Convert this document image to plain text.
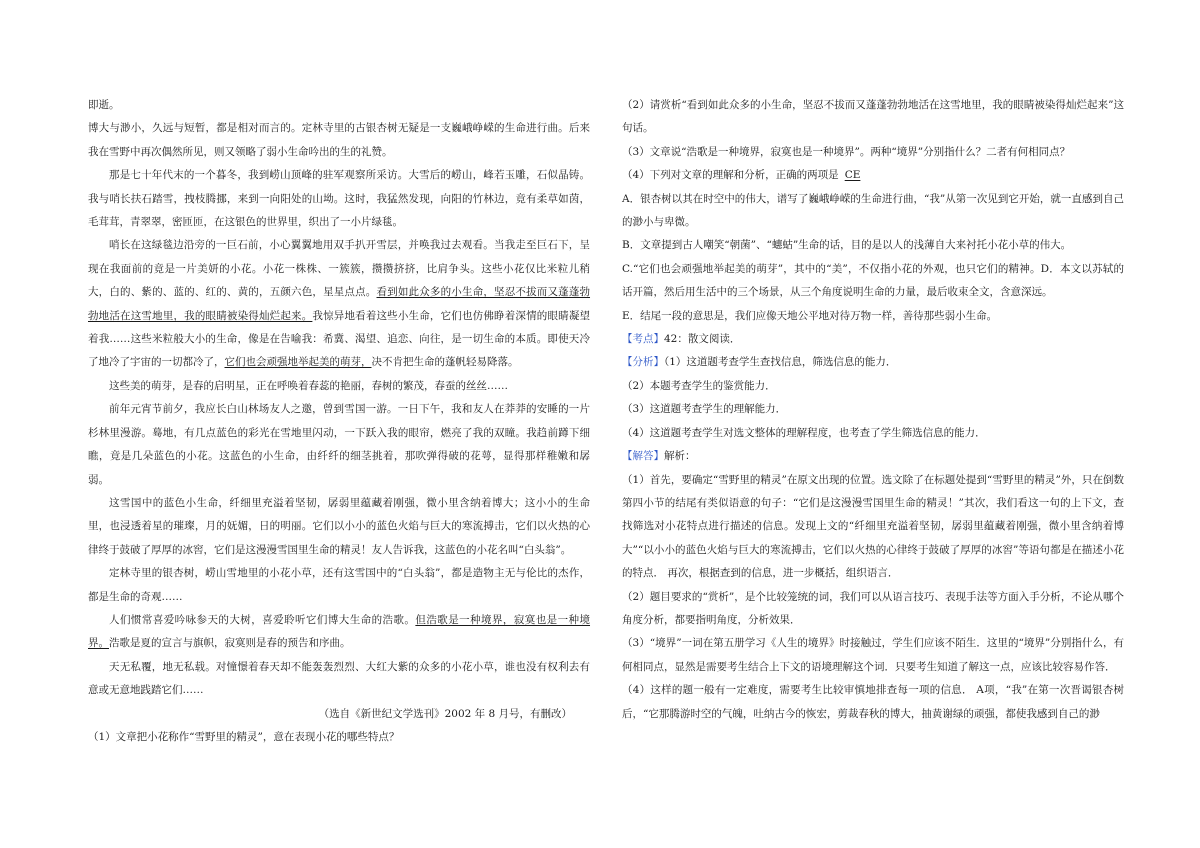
即逝。

博大与渺小，久远与短暂，都是相对而言的。定林寺里的古银杏树无疑是一支巍峨峥嵘的生命进行曲。后来我在雪野中再次偶然所见，则又领略了弱小生命吟出的生的礼赞。

那是七十年代末的一个暮冬，我到崂山顶峰的驻军观察所采访。大雪后的崂山，峰若玉雕，石似晶铸。我与哨长扶石踏雪，拽枝腾挪，来到一向阳处的山坳。这时，我猛然发现，向阳的竹林边，竟有柔草如茵，毛茸茸，青翠翠，密匝匝，在这银色的世界里，织出了一小片绿毯。

哨长在这绿毯边沿旁的一巨石前，小心翼翼地用双手扒开雪层，并唤我过去观看。当我走至巨石下，呈现在我面前的竟是一片美妍的小花。小花一株株、一簇簇，攒攒挤挤，比肩争头。这些小花仅比米粒儿稍大，白的、紫的、蓝的、红的、黄的，五颜六色，星星点点。看到如此众多的小生命，坚忍不拔而又蓬蓬勃勃地活在这雪地里，我的眼睛被染得灿烂起来。我惊异地看着这些小生命，它们也仿佛睁着深情的眼睛凝望着我……这些米粒般大小的生命，像是在告喻我：希冀、渴望、追恋、向往，是一切生命的本质。即使天冷了地冷了宇宙的一切都冷了，它们也会顽强地举起美的萌芽，决不肯把生命的蓬帆轻易降落。

这些美的萌芽，是春的启明星，正在呼唤着春蕊的艳丽，春树的繁茂，春蚕的丝丝……

前年元宵节前夕，我应长白山林场友人之邀，曾到雪国一游。一日下午，我和友人在莽莽的安睡的一片杉林里漫游。蓦地，有几点蓝色的彩光在雪地里闪动，一下跃入我的眼帘，燃亮了我的双瞳。我趋前蹲下细瞧，竟是几朵蓝色的小花。这蓝色的小生命，由纤纤的细茎挑着，那吹弹得破的花萼，显得那样稚嫩和孱弱。

这雪国中的蓝色小生命，纤细里充溢着坚韧，孱弱里蕴藏着刚强，微小里含纳着博大；这小小的生命里，也浸透着星的璀璨，月的妩媚，日的明丽。它们以小小的蓝色火焰与巨大的寒流搏击，它们以火热的心律终于鼓破了厚厚的冰窖，它们是这漫漫雪国里生命的精灵！友人告诉我，这蓝色的小花名叫“白头翁”。

定林寺里的银杏树，崂山雪地里的小花小草，还有这雪国中的“白头翁”，都是造物主无与伦比的杰作，都是生命的奇观……

人们惯常喜爱吟咏参天的大树，喜爱聆听它们博大生命的浩歌。但浩歌是一种境界，寂寞也是一种境界。浩歌是夏的宣言与旗帜，寂寞则是春的预告和序曲。

天无私覆，地无私载。对憧憬着春天却不能轰轰烈烈、大红大紫的众多的小花小草，谁也没有权利去有意或无意地践踏它们……

（选自《新世纪文学选刊》2002 年 8 月号，有删改）

（1）文章把小花称作“雪野里的精灵”，意在表现小花的哪些特点？

（2）请赏析“看到如此众多的小生命，坚忍不拔而又蓬蓬勃勃地活在这雪地里，我的眼睛被染得灿烂起来”这句话。

（3）文章说“浩歌是一种境界，寂寞也是一种境界”。两种“境界”分别指什么？二者有何相同点？

（4）下列对文章的理解和分析，正确的两项是 CE

A．银杏树以其在时空中的伟大，谱写了巍峨峥嵘的生命进行曲，“我”从第一次见到它开始，就一直感到自己的渺小与卑微。

B．文章提到古人嘲笑“朝菌”、“蟪蛄”生命的话，目的是以人的浅薄自大来衬托小花小草的伟大。

C.“它们也会顽强地举起美的萌芽”，其中的“美”，不仅指小花的外观，也只它们的精神。D．本文以苏轼的话开篇，然后用生活中的三个场景，从三个角度说明生命的力量，最后收束全文，含意深远。

E．结尾一段的意思是，我们应像天地公平地对待万物一样，善待那些弱小生命。

【考点】42：散文阅读．

【分析】（1）这道题考查学生查找信息，筛选信息的能力．

（2）本题考查学生的鉴赏能力．

（3）这道题考查学生的理解能力．

（4）这道题考查学生对选文整体的理解程度，也考查了学生筛选信息的能力．

【解答】解析：

（1）首先，要确定“雪野里的精灵”在原文出现的位置。选文除了在标题处提到“雪野里的精灵”外，只在倒数第四小节的结尾有类似语意的句子：“它们是这漫漫雪国里生命的精灵！”其次，我们看这一句的上下文，查找筛选对小花特点进行描述的信息。发现上文的“纤细里充溢着坚韧，孱弱里蕴藏着刚强，微小里含纳着博大”“以小小的蓝色火焰与巨大的寒流搏击，它们以火热的心律终于鼓破了厚厚的冰窖”等语句都是在描述小花的特点． 再次，根据查到的信息，进一步概括，组织语言．

（2）题目要求的“赏析”，是个比较笼统的词，我们可以从语言技巧、表现手法等方面入手分析，不论从哪个角度分析，都要指明角度，分析效果．

（3）“境界”一词在第五册学习《人生的境界》时接触过，学生们应该不陌生．这里的“境界”分别指什么，有何相同点，显然是需要考生结合上下文的语境理解这个词．只要考生知道了解这一点，应该比较容易作答．

（4）这样的题一般有一定难度，需要考生比较审慎地排查每一项的信息． A项，“我”在第一次晋谒银杏树后，“它那腾游时空的气魄，吐纳古今的恢宏，剪裁春秋的博大，抽黄谢绿的顽强，都使我感到自己的渺
